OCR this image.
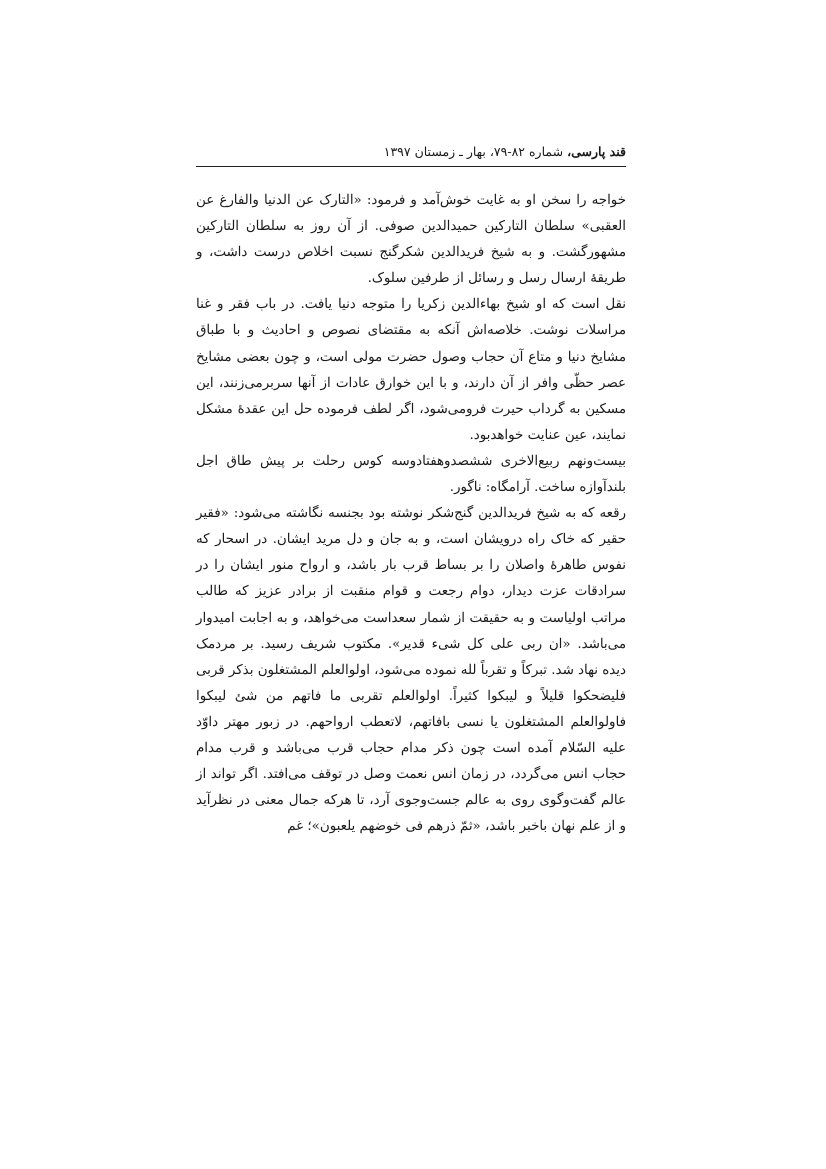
قند پارسی، شماره ۸۲-۷۹، بهار ـ زمستان ۱۳۹۷

خواجه را سخن او به غایت خوش‌آمد و فرمود: «التارک عن الدنیا والفارغ عن العقبی» سلطان التارکین حمیدالدین صوفی. از آن روز به سلطان التارکین مشهورگشت. و به شیخ فریدالدین شکرگنج نسبت اخلاص درست داشت، و طریقهٔ ارسال رسل و رسائل از طرفین سلوک.

نقل است که او شیخ بهاءالدین زکریا را متوجه دنیا یافت. در باب فقر و غنا مراسلات نوشت. خلاصه‌اش آنکه به مقتضای نصوص و احادیث و با طباق مشایخ دنیا و متاع آن حجاب وصول حضرت مولی است، و چون بعضی مشایخ عصر حظّی وافر از آن دارند، و با این خوارق عادات از آنها سربرمی‌زنند، این مسکین به گرداب حیرت فرومی‌شود، اگر لطف فرموده حل این عقدهٔ مشکل نمایند، عین عنایت خواهدبود.

بیست‌ونهم ربیع‌الاخری ششصدوهفتادوسه کوس رحلت بر پیش طاق اجل بلندآوازه ساخت. آرامگاه: ناگور.

رقعه که به شیخ فریدالدین گنج‌شکر نوشته بود بجنسه نگاشته می‌شود: «فقیر حقیر که خاک راه درویشان است، و به جان و دل مرید ایشان. در اسحار که نفوس طاهرهٔ واصلان را بر بساط قرب بار باشد، و ارواح منور ایشان را در سرادقات عزت دیدار، دوام رجعت و قوام منقبت از برادر عزیز که طالب مراتب اولیاست و به حقیقت از شمار سعداست می‌خواهد، و به اجابت امیدوار می‌باشد. «ان ربی علی کل شیء قدیر». مکتوب شریف رسید. بر مردمک دیده نهاد شد. تبرکاً و تقرباً لله نموده می‌شود، اولوالعلم المشتغلون بذکر قربی فلیضحکوا قلیلاً و لیبکوا کثیراً. اولوالعلم تقربی ما فاتهم من شئ لیبکوا فاولوالعلم المشتغلون یا نسی بافاتهم، لاتعطب ارواحهم. در زبور مهتر داوّد علیه السّلام آمده است چون ذکر مدام حجاب قرب می‌باشد و قرب مدام حجاب انس می‌گردد، در زمان انس نعمت وصل در توقف می‌افتد. اگر تواند از عالم گفت‌وگوی روی به عالم جست‌وجوی آرد، تا هرکه جمال معنی در نظرآید و از علم نهان باخبر باشد، «ثمّ ذرهم فی خوضهم یلعبون»؛ غم
